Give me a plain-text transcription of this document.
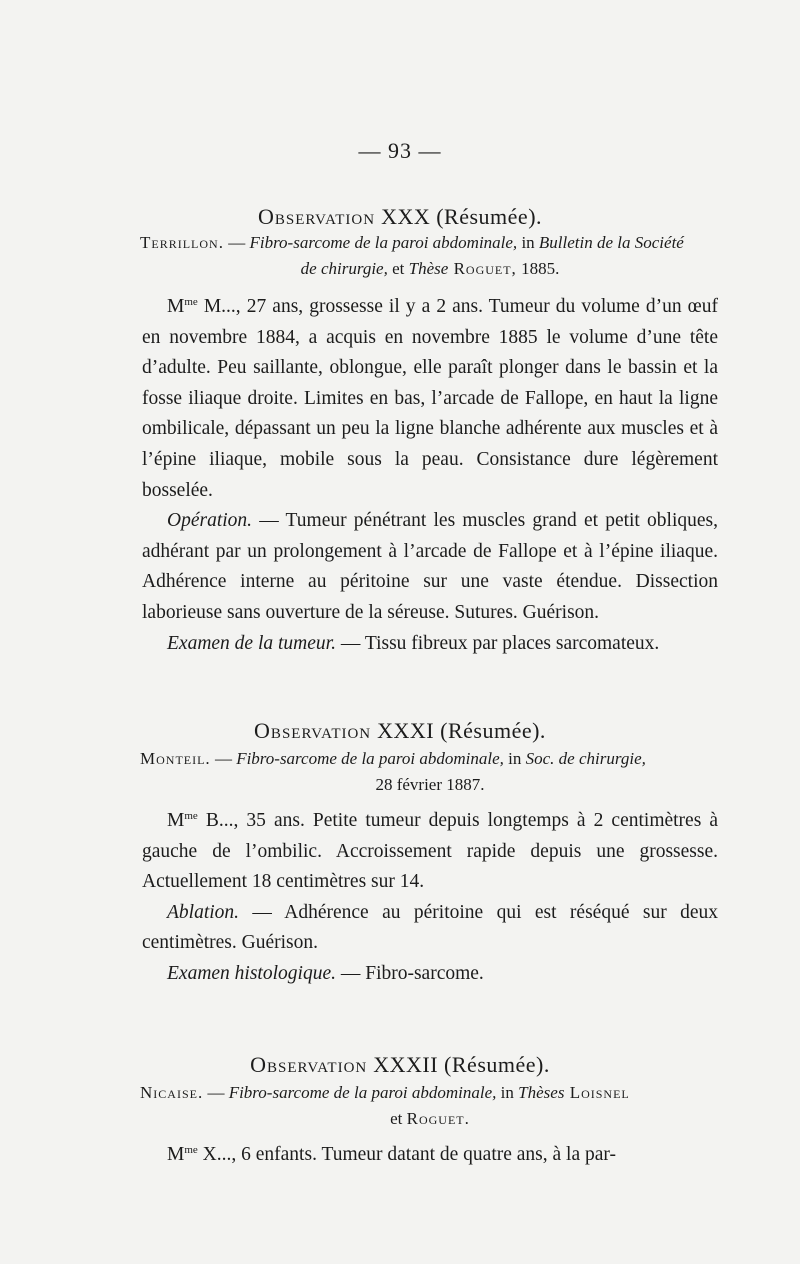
— 93 —
Observation XXX (Résumée).
Terrillon. — Fibro-sarcome de la paroi abdominale, in Bulletin de la Société
de chirurgie, et Thèse Roguet, 1885.

$M^{me}$ M..., 27 ans, grossesse il y a 2 ans. Tumeur du volume d’un œuf en novembre 1884, a acquis en novembre 1885 le volume d’une tête d’adulte. Peu saillante, oblongue, elle paraît plonger dans le bassin et la fosse iliaque droite. Limites en bas, l’arcade de Fallope, en haut la ligne ombilicale, dépassant un peu la ligne blanche adhérente aux muscles et à l’épine iliaque, mobile sous la peau. Consistance dure légèrement bosselée.

Opération. — Tumeur pénétrant les muscles grand et petit obliques, adhérant par un prolongement à l’arcade de Fallope et à l’épine iliaque. Adhérence interne au péritoine sur une vaste étendue. Dissection laborieuse sans ouverture de la séreuse. Sutures. Guérison.

Examen de la tumeur. — Tissu fibreux par places sarcomateux.

Observation XXXI (Résumée).
Monteil. — Fibro-sarcome de la paroi abdominale, in Soc. de chirurgie,
28 février 1887.

$M^{me}$ B..., 35 ans. Petite tumeur depuis longtemps à 2 centimètres à gauche de l’ombilic. Accroissement rapide depuis une grossesse. Actuellement 18 centimètres sur 14.

Ablation. — Adhérence au péritoine qui est réséqué sur deux centimètres. Guérison.

Examen histologique. — Fibro-sarcome.

Observation XXXII (Résumée).
Nicaise. — Fibro-sarcome de la paroi abdominale, in Thèses Loisnel
et Roguet.

$M^{me}$ X..., 6 enfants. Tumeur datant de quatre ans, à la par-
